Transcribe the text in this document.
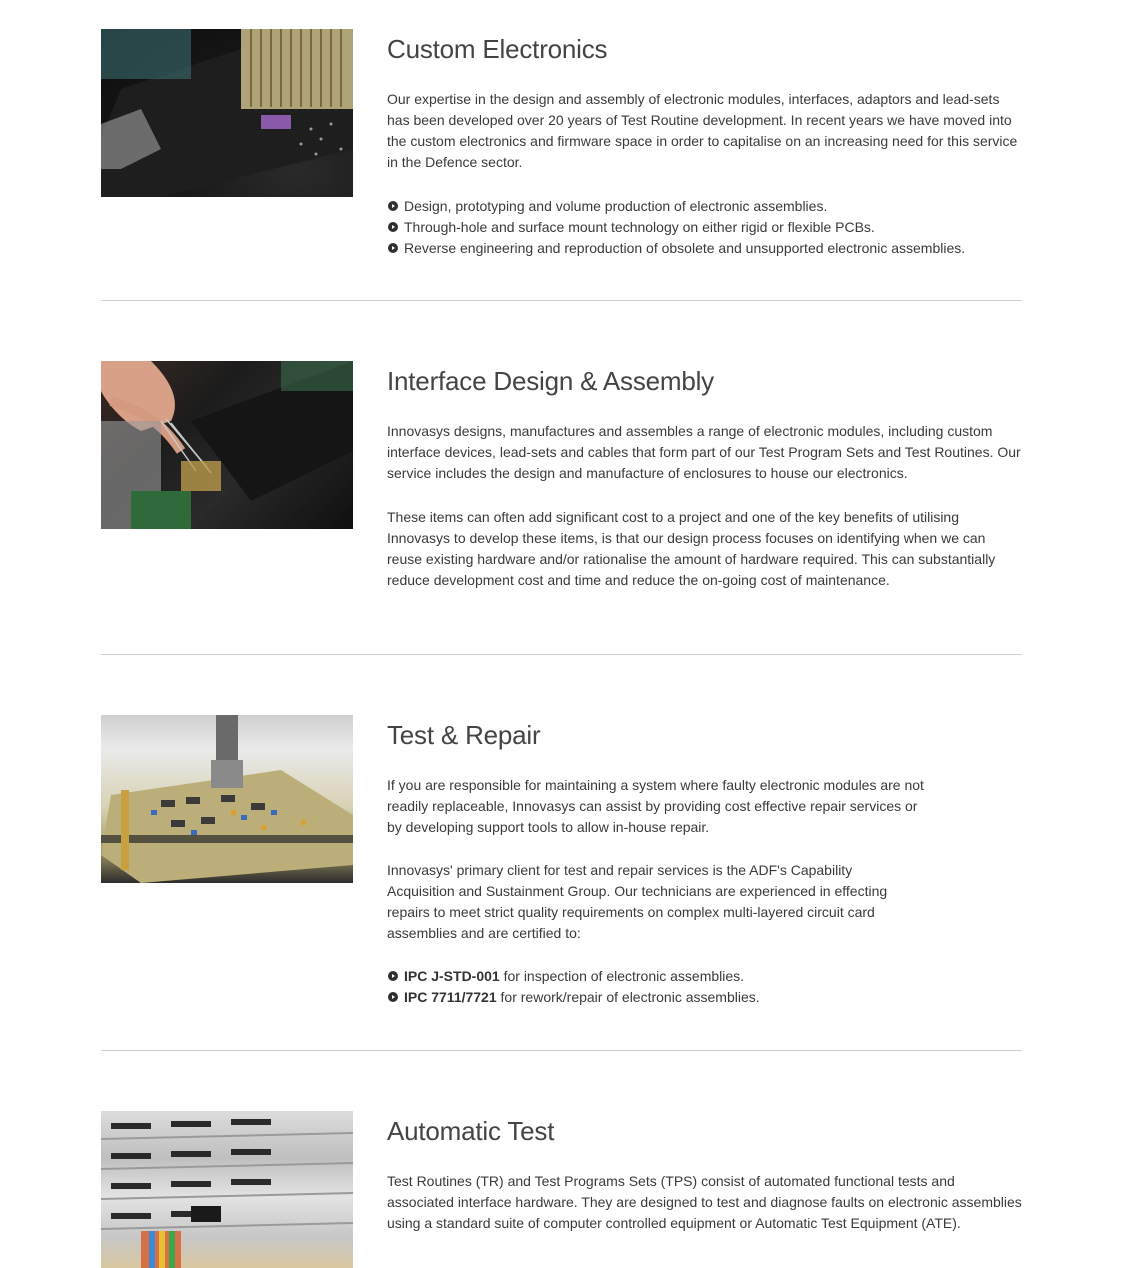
Custom Electronics

Our expertise in the design and assembly of electronic modules, interfaces, adaptors and lead-sets has been developed over 20 years of Test Routine development. In recent years we have moved into the custom electronics and firmware space in order to capitalise on an increasing need for this service in the Defence sector.

Design, prototyping and volume production of electronic assemblies.
Through-hole and surface mount technology on either rigid or flexible PCBs.
Reverse engineering and reproduction of obsolete and unsupported electronic assemblies.
Interface Design & Assembly

Innovasys designs, manufactures and assembles a range of electronic modules, including custom interface devices, lead-sets and cables that form part of our Test Program Sets and Test Routines. Our service includes the design and manufacture of enclosures to house our electronics.

These items can often add significant cost to a project and one of the key benefits of utilising Innovasys to develop these items, is that our design process focuses on identifying when we can reuse existing hardware and/or rationalise the amount of hardware required. This can substantially reduce development cost and time and reduce the on-going cost of maintenance.

Test & Repair

If you are responsible for maintaining a system where faulty electronic modules are not readily replaceable, Innovasys can assist by providing cost effective repair services or by developing support tools to allow in-house repair.

Innovasys' primary client for test and repair services is the ADF's Capability Acquisition and Sustainment Group. Our technicians are experienced in effecting repairs to meet strict quality requirements on complex multi-layered circuit card assemblies and are certified to:

IPC J-STD-001 for inspection of electronic assemblies.
IPC 7711/7721 for rework/repair of electronic assemblies.
Automatic Test

Test Routines (TR) and Test Programs Sets (TPS) consist of automated functional tests and associated interface hardware. They are designed to test and diagnose faults on electronic assemblies using a standard suite of computer controlled equipment or Automatic Test Equipment (ATE).
